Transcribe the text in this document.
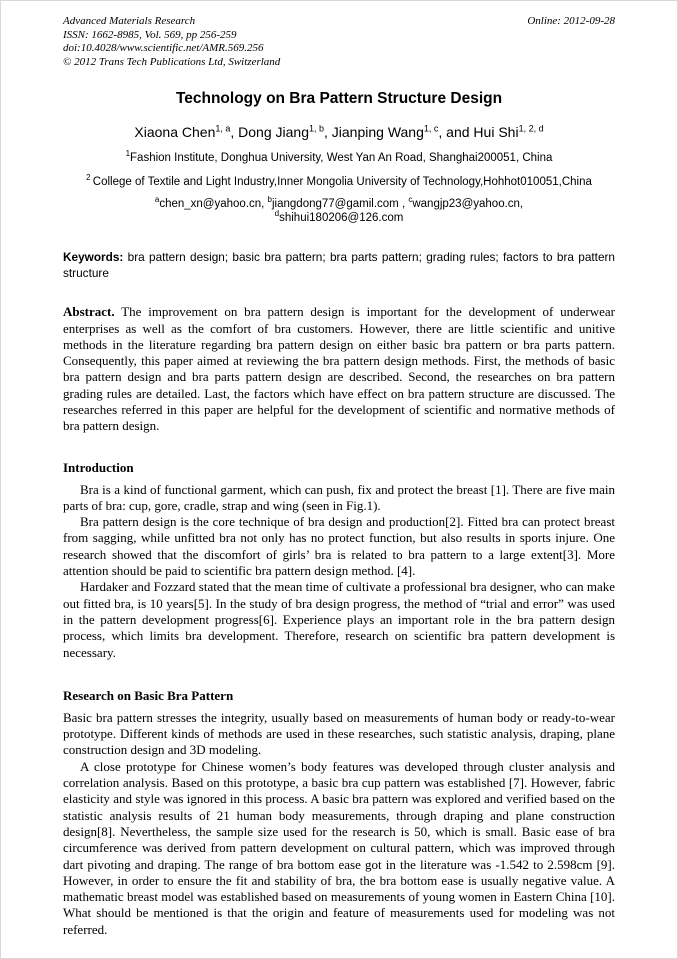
Advanced Materials Research
ISSN: 1662-8985, Vol. 569, pp 256-259
doi:10.4028/www.scientific.net/AMR.569.256
© 2012 Trans Tech Publications Ltd, Switzerland
Online: 2012-09-28
Technology on Bra Pattern Structure Design
Xiaona Chen$^{1, a}$, Dong Jiang$^{1, b}$, Jianping Wang$^{1, c}$, and Hui Shi$^{1, 2, d}$
$^1$Fashion Institute, Donghua University, West Yan An Road, Shanghai200051, China
$^2$ College of Textile and Light Industry,Inner Mongolia University of Technology,Hohhot010051,China
$^a$chen_xn@yahoo.cn, $^b$jiangdong77@gamil.com , $^c$wangjp23@yahoo.cn,
$^d$shihui180206@126.com

Keywords: bra pattern design; basic bra pattern; bra parts pattern; grading rules; factors to bra pattern structure

Abstract. The improvement on bra pattern design is important for the development of underwear enterprises as well as the comfort of bra customers. However, there are little scientific and unitive methods in the literature regarding bra pattern design on either basic bra pattern or bra parts pattern. Consequently, this paper aimed at reviewing the bra pattern design methods. First, the methods of basic bra pattern design and bra parts pattern design are described. Second, the researches on bra pattern grading rules are detailed. Last, the factors which have effect on bra pattern structure are discussed. The researches referred in this paper are helpful for the development of scientific and normative methods of bra pattern design.

Introduction

Bra is a kind of functional garment, which can push, fix and protect the breast [1]. There are five main parts of bra: cup, gore, cradle, strap and wing (seen in Fig.1).

Bra pattern design is the core technique of bra design and production[2]. Fitted bra can protect breast from sagging, while unfitted bra not only has no protect function, but also results in sports injure. One research showed that the discomfort of girls’ bra is related to bra pattern to a large extent[3]. More attention should be paid to scientific bra pattern design method. [4].

Hardaker and Fozzard stated that the mean time of cultivate a professional bra designer, who can make out fitted bra, is 10 years[5]. In the study of bra design progress, the method of “trial and error” was used in the pattern development progress[6]. Experience plays an important role in the bra pattern design process, which limits bra development. Therefore, research on scientific bra pattern development is necessary.

Research on Basic Bra Pattern

Basic bra pattern stresses the integrity, usually based on measurements of human body or ready-to-wear prototype. Different kinds of methods are used in these researches, such statistic analysis, draping, plane construction design and 3D modeling.

A close prototype for Chinese women’s body features was developed through cluster analysis and correlation analysis. Based on this prototype, a basic bra cup pattern was established [7]. However, fabric elasticity and style was ignored in this process. A basic bra pattern was explored and verified based on the statistic analysis results of 21 human body measurements, through draping and plane construction design[8]. Nevertheless, the sample size used for the research is 50, which is small. Basic ease of bra circumference was derived from pattern development on cultural pattern, which was improved through dart pivoting and draping. The range of bra bottom ease got in the literature was -1.542 to 2.598cm [9]. However, in order to ensure the fit and stability of bra, the bra bottom ease is usually negative value. A mathematic breast model was established based on measurements of young women in Eastern China [10]. What should be mentioned is that the origin and feature of measurements used for modeling was not referred.
